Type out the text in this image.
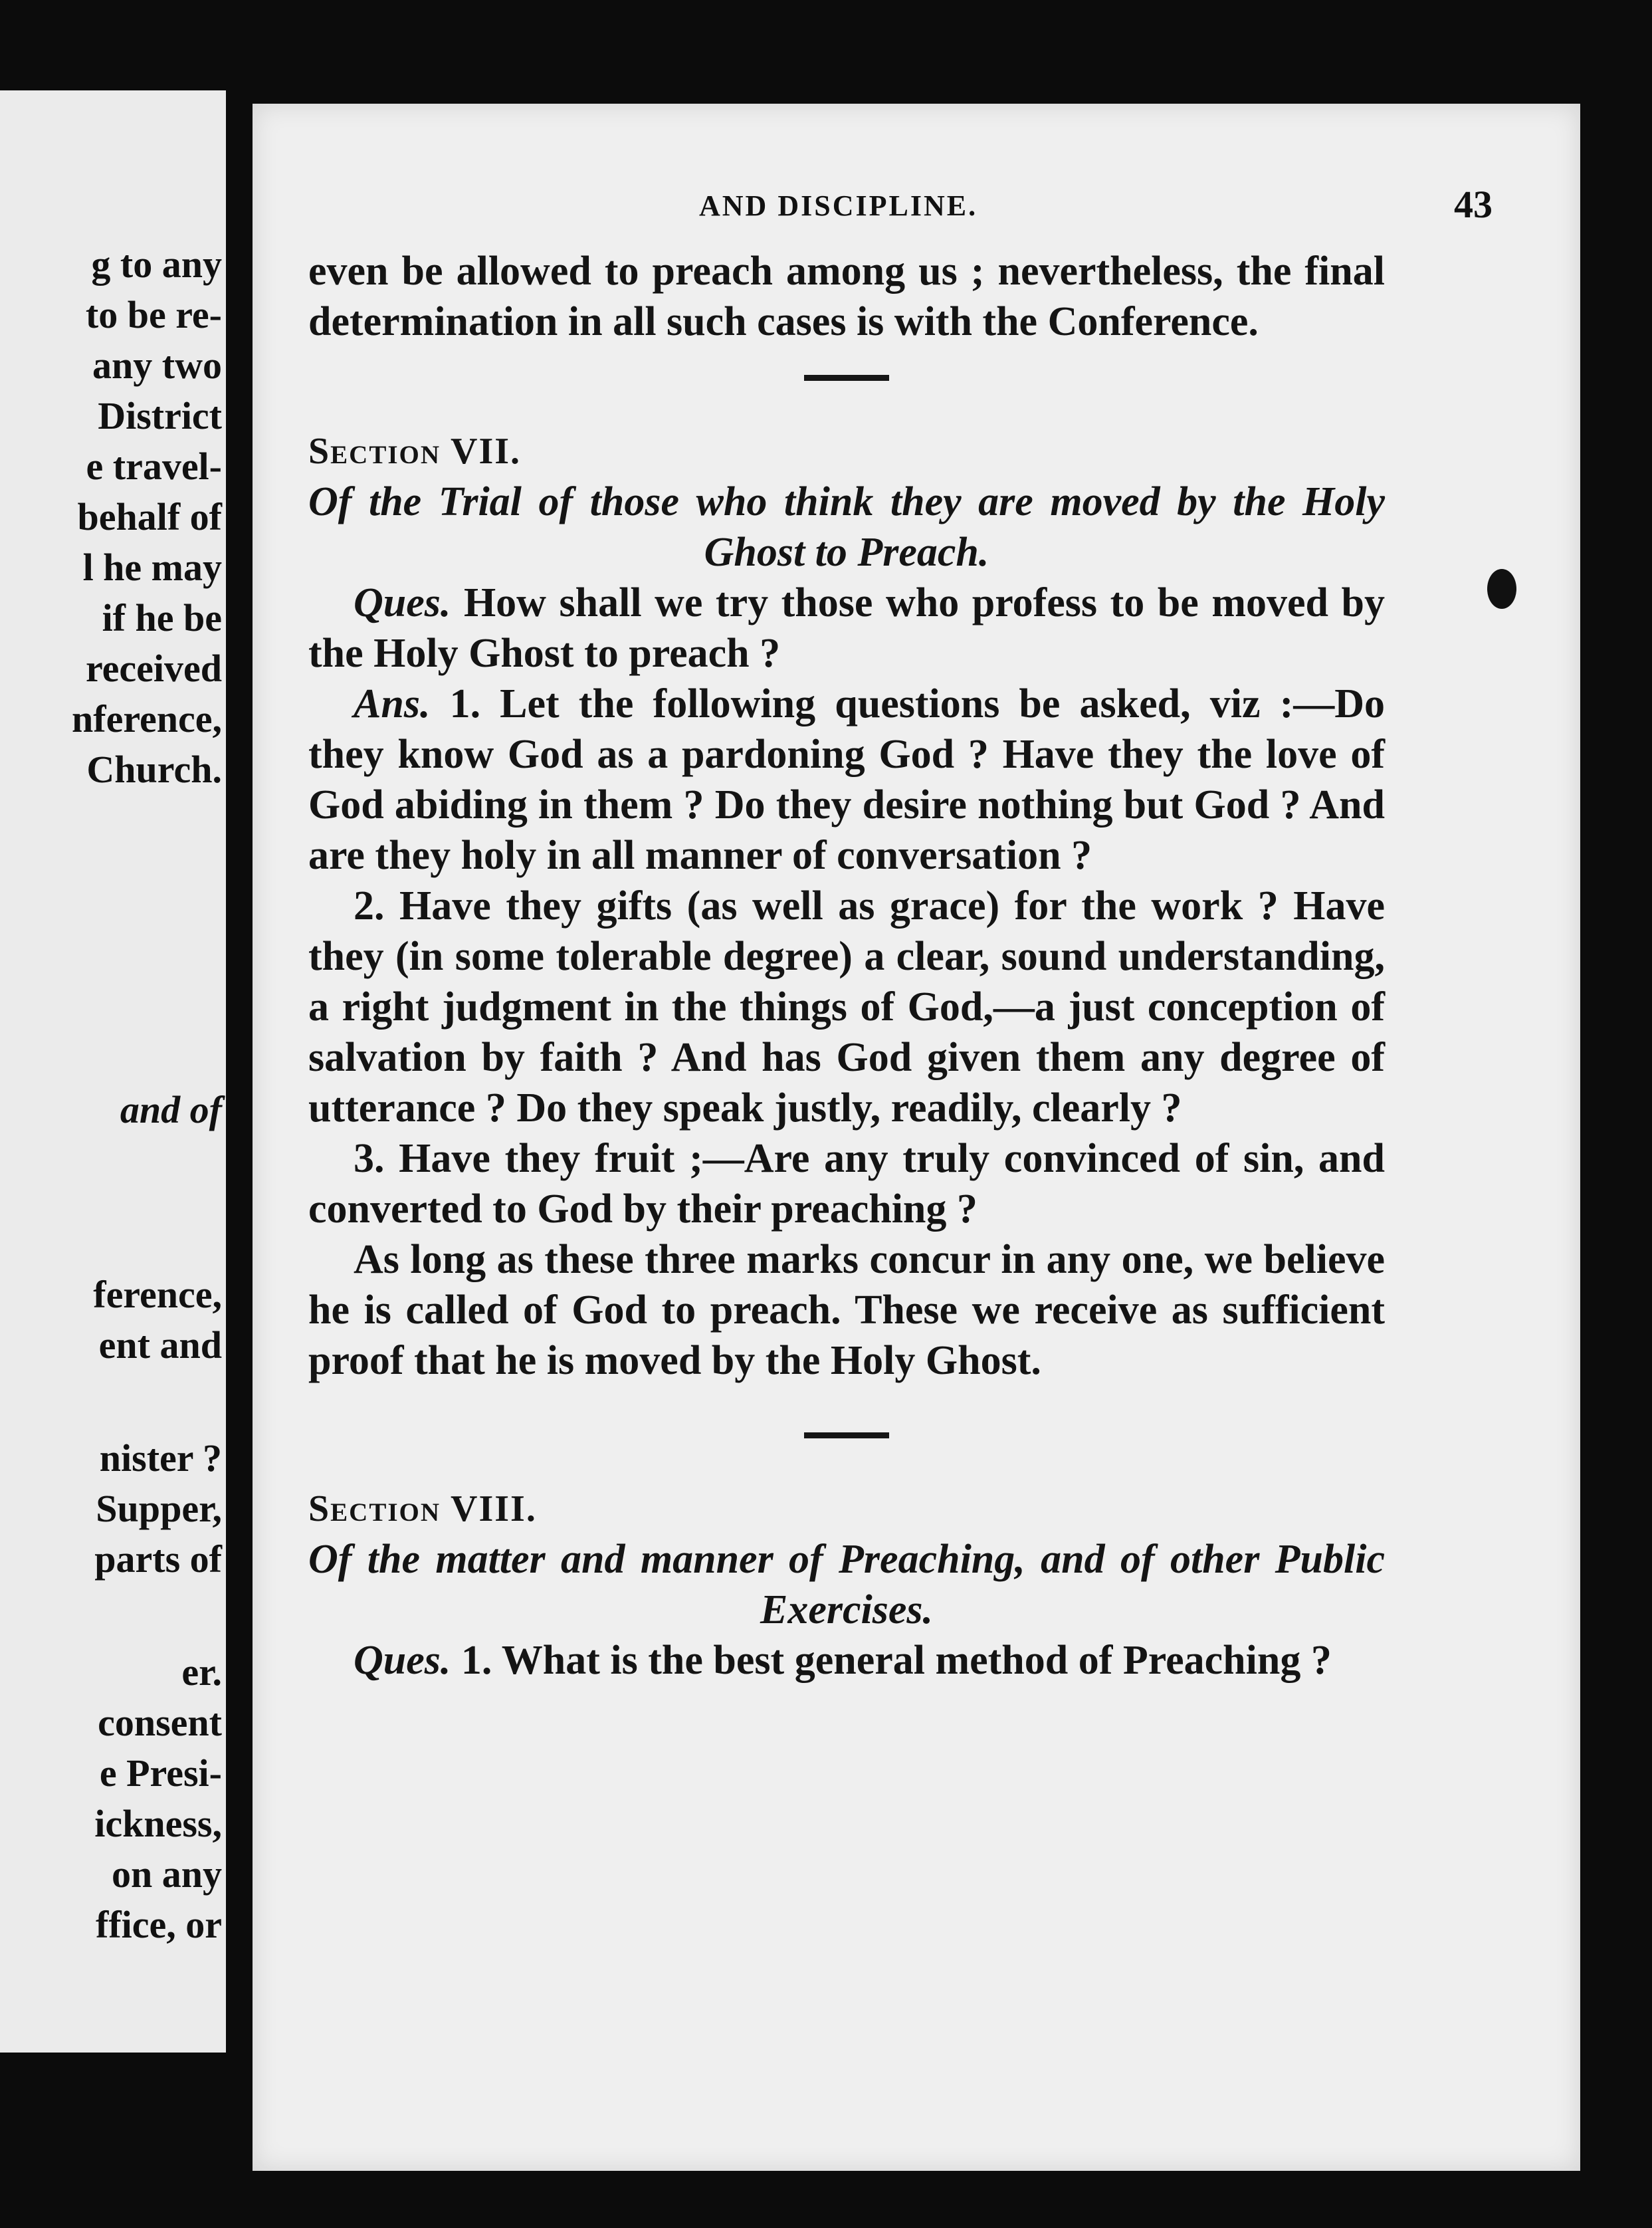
g to any

to be re-

any two

District

e travel-

behalf of

l he may

if he be

received

nference,

Church.

and of

ference,

ent and

nister ?

Supper,

parts of

er.

consent

e Presi-

ickness,

on any

ffice, or

AND DISCIPLINE.	43

even be allowed to preach among us ; nevertheless, the final determination in all such cases is with the Conference.

Section VII.

Of the Trial of those who think they are moved by the Holy Ghost to Preach.

Ques. How shall we try those who profess to be moved by the Holy Ghost to preach ?

Ans. 1. Let the following questions be asked, viz :—Do they know God as a pardoning God ? Have they the love of God abiding in them ? Do they desire nothing but God ? And are they holy in all manner of conversation ?

2. Have they gifts (as well as grace) for the work ? Have they (in some tolerable degree) a clear, sound understanding, a right judgment in the things of God,—a just conception of salvation by faith ? And has God given them any degree of utterance ? Do they speak justly, readily, clearly ?

3. Have they fruit ;—Are any truly convinced of sin, and converted to God by their preaching ?

As long as these three marks concur in any one, we believe he is called of God to preach. These we receive as sufficient proof that he is moved by the Holy Ghost.

Section VIII.

Of the matter and manner of Preaching, and of other Public Exercises.

Ques. 1. What is the best general method of Preaching ?
